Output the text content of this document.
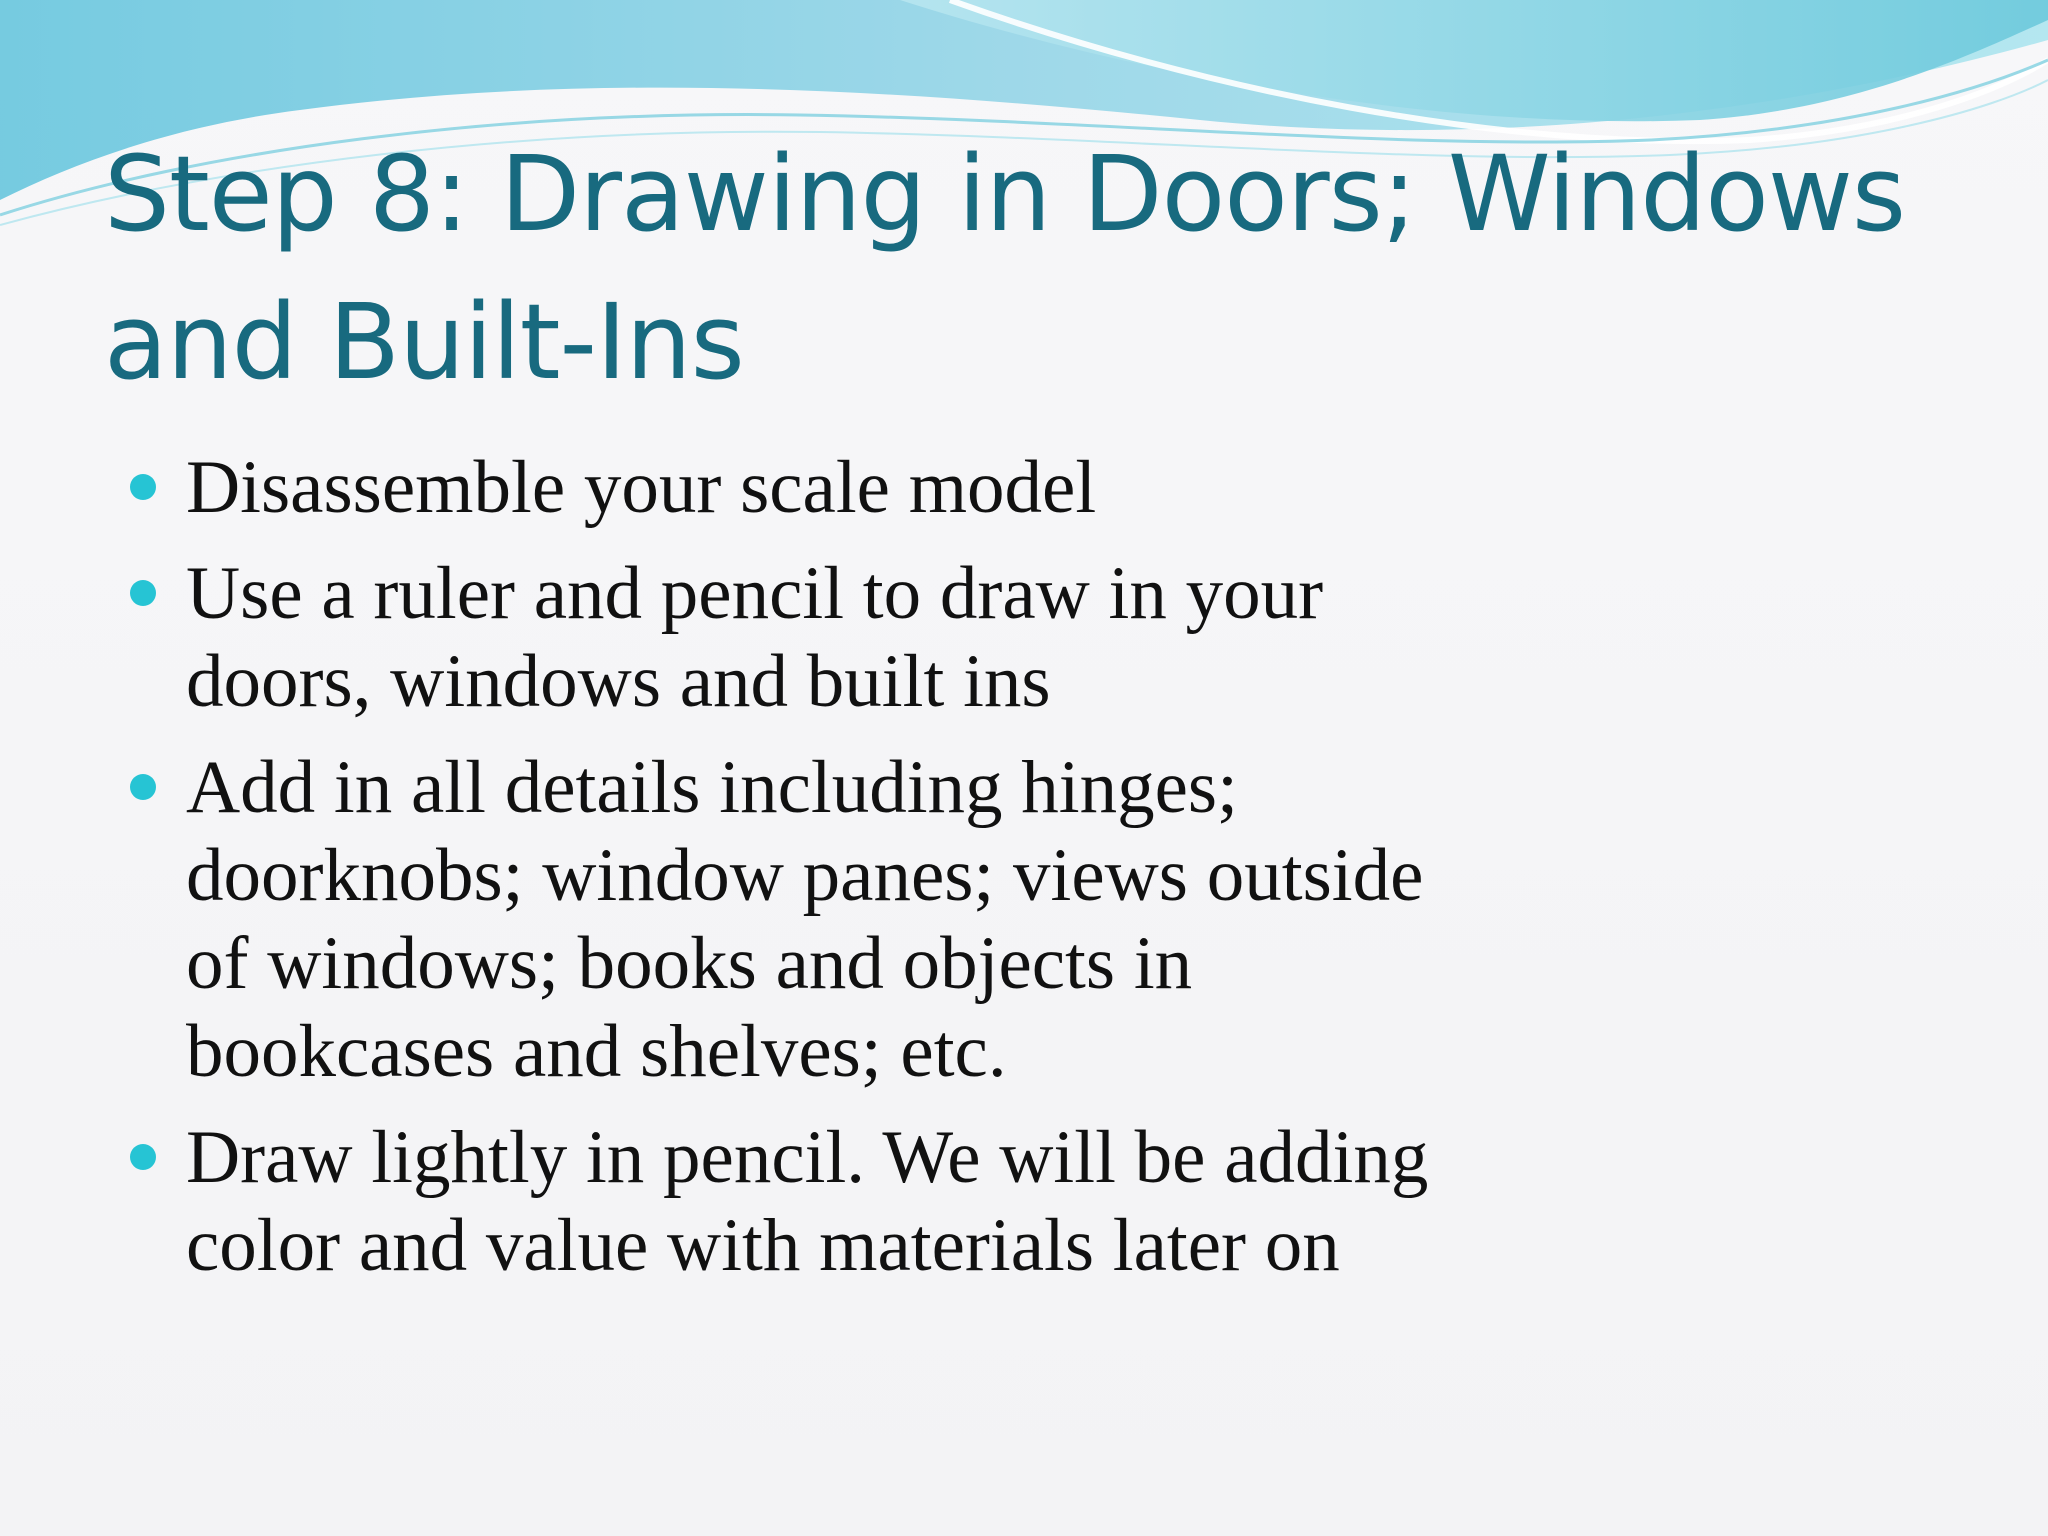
Step 8: Drawing in Doors; Windows
and Built-Ins
Disassemble your scale model
Use a ruler and pencil to draw in your
doors, windows and built ins
Add in all details including hinges;
doorknobs; window panes; views outside
of windows; books and objects in
bookcases and shelves; etc.
Draw lightly in pencil. We will be adding
color and value with materials later on
